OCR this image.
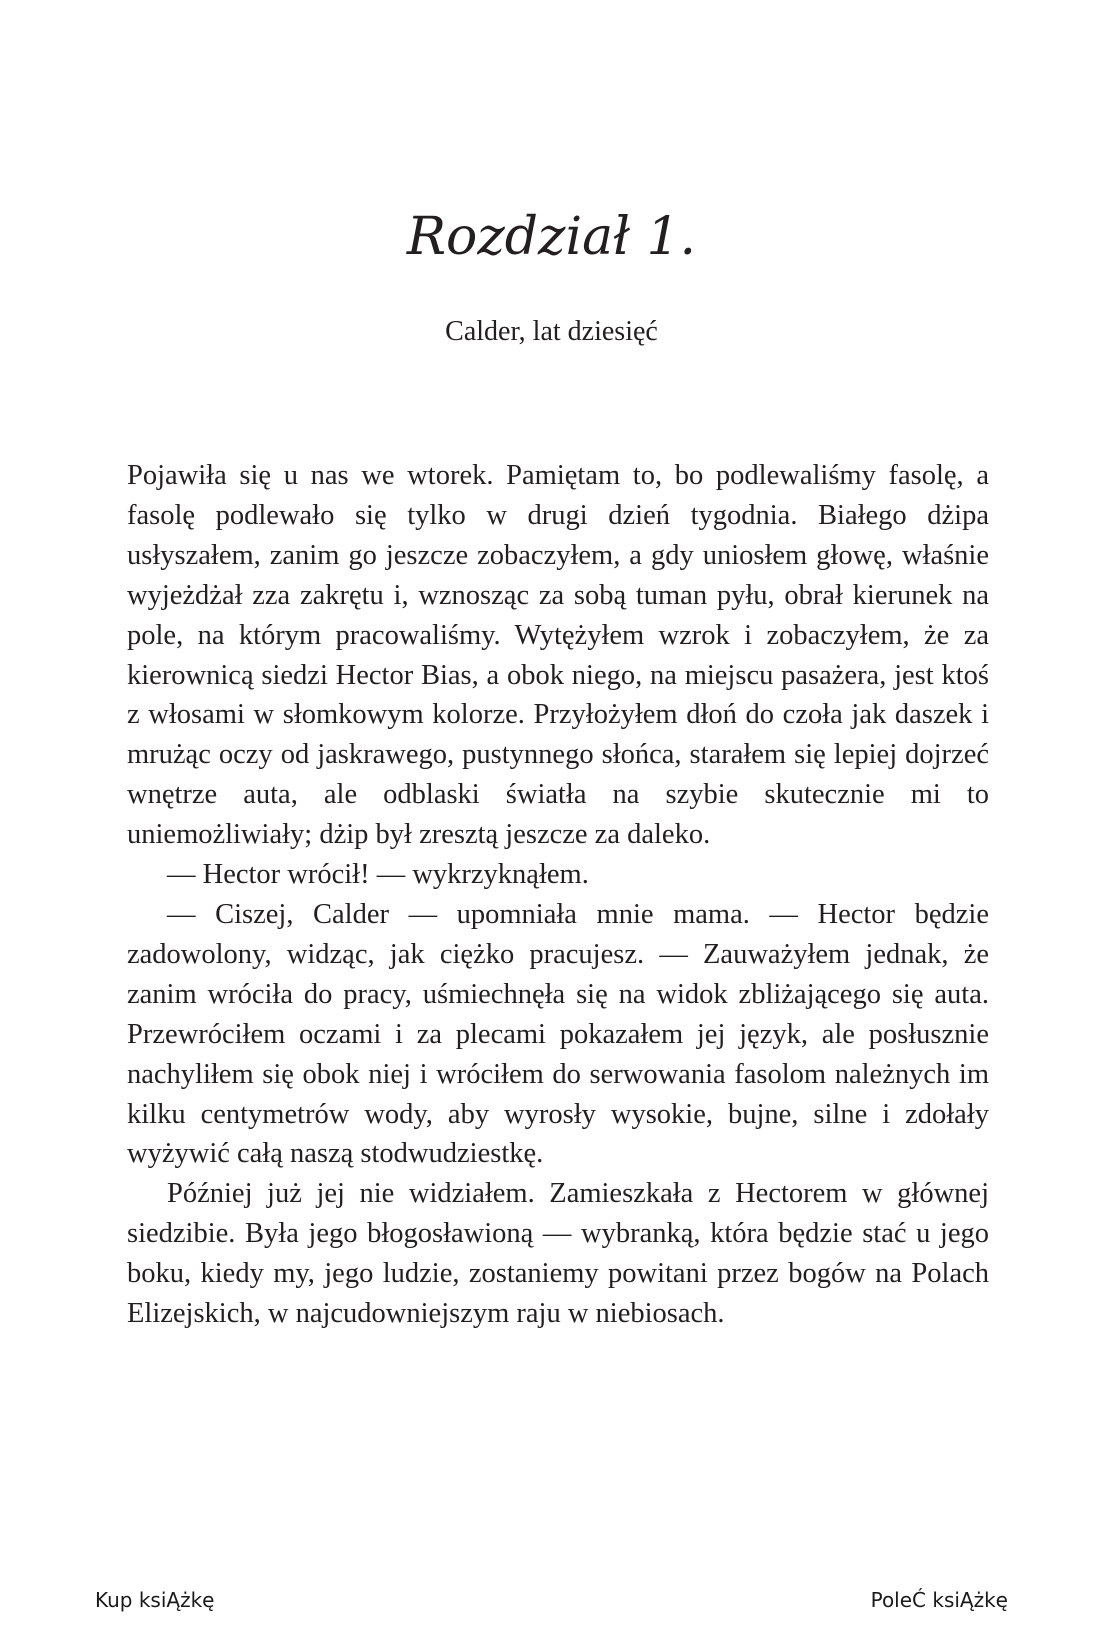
Rozdział 1.
Calder, lat dziesięć

Pojawiła się u nas we wtorek. Pamiętam to, bo podlewaliśmy fasolę, a fasolę podlewało się tylko w drugi dzień tygodnia. Białego dżipa usłyszałem, zanim go jeszcze zobaczyłem, a gdy uniosłem głowę, właśnie wyjeżdżał zza zakrętu i, wznosząc za sobą tuman pyłu, obrał kierunek na pole, na którym pracowaliśmy. Wytężyłem wzrok i zobaczyłem, że za kierownicą siedzi Hector Bias, a obok niego, na miejscu pasażera, jest ktoś z włosami w słomkowym kolorze. Przyłożyłem dłoń do czoła jak daszek i mrużąc oczy od jaskrawego, pustynnego słońca, starałem się lepiej dojrzeć wnętrze auta, ale odblaski światła na szybie skutecznie mi to uniemożliwiały; dżip był zresztą jeszcze za daleko.

— Hector wrócił! — wykrzyknąłem.

— Ciszej, Calder — upomniała mnie mama. — Hector będzie zadowolony, widząc, jak ciężko pracujesz. — Zauważyłem jednak, że zanim wróciła do pracy, uśmiechnęła się na widok zbliżającego się auta. Przewróciłem oczami i za plecami pokazałem jej język, ale posłusznie nachyliłem się obok niej i wróciłem do serwowania fasolom należnych im kilku centymetrów wody, aby wyrosły wysokie, bujne, silne i zdołały wyżywić całą naszą stodwudziestkę.

Później już jej nie widziałem. Zamieszkała z Hectorem w głównej siedzibie. Była jego błogosławioną — wybranką, która będzie stać u jego boku, kiedy my, jego ludzie, zostaniemy powitani przez bogów na Polach Elizejskich, w najcudowniejszym raju w niebiosach.

Kup ksiĄżkę	PoleĆ ksiĄżkę
